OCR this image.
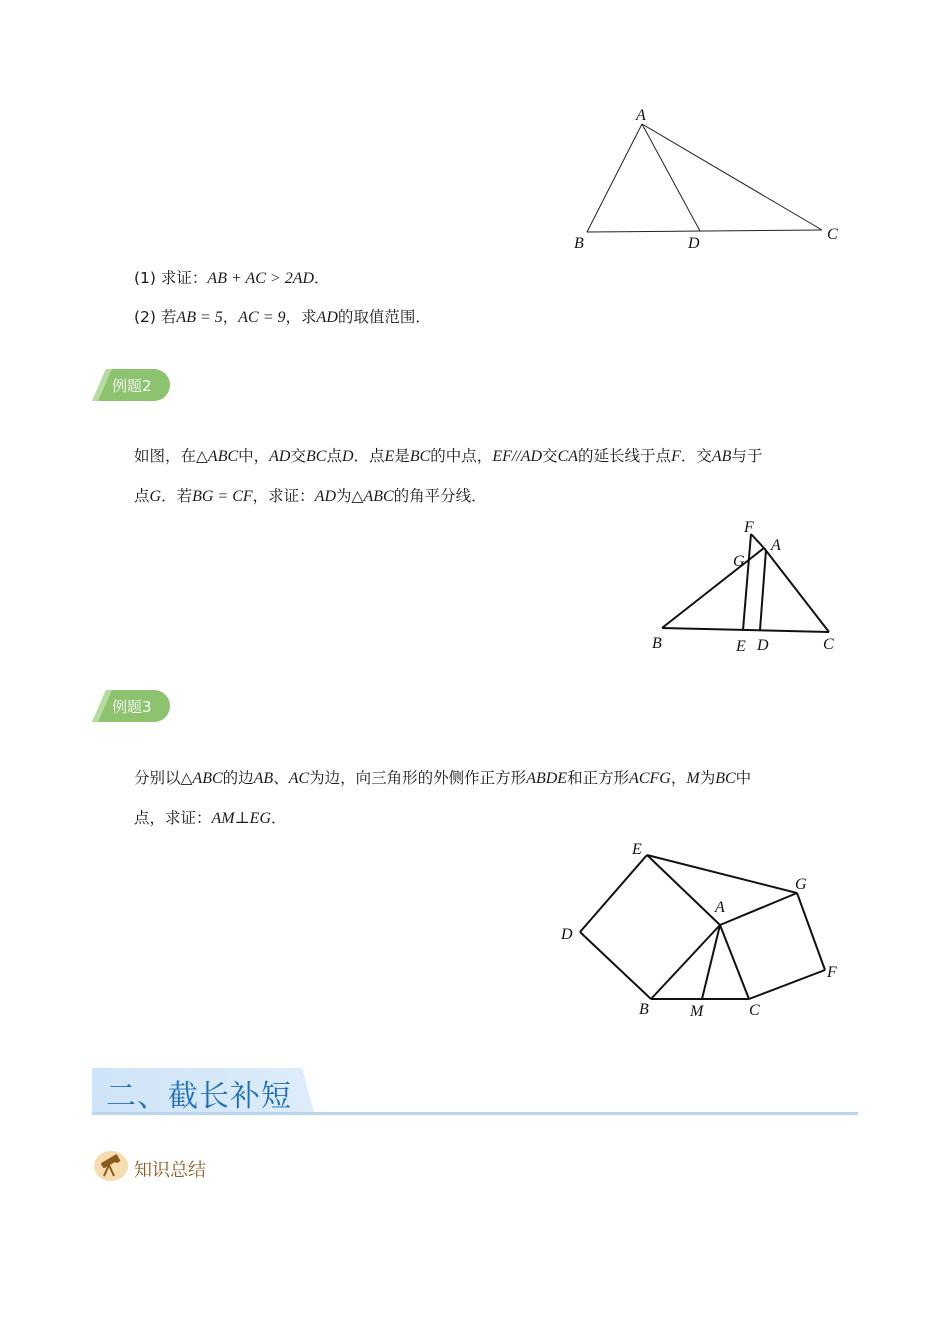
A
B	D
C
(1) 求证：AB + AC > 2AD．
(2) 若AB = 5，AC = 9，求AD的取值范围．
例题2
如图，在△ABC中，AD交BC点D．点E是BC的中点，EF//AD交CA的延长线于点F．交AB与于
点G．若BG = CF，求证：AD为△ABC的角平分线．
F
G
A
B	E D	C
例题3
分别以△ABC的边AB、AC为边，向三角形的外侧作正方形ABDE和正方形ACFG，M为BC中
点，求证：AM⊥EG．
E
G
A
D
F
B	M	C
二、截长补短
知识总结
